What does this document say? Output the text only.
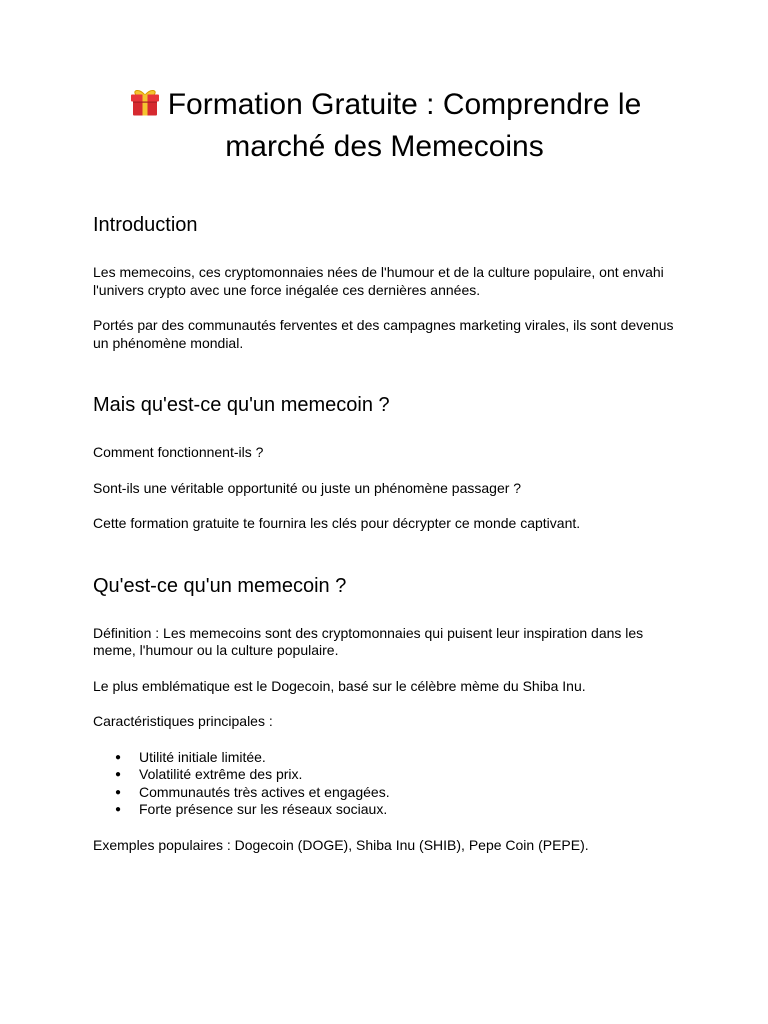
Formation Gratuite : Comprendre le
marché des Memecoins
Introduction

Les memecoins, ces cryptomonnaies nées de l'humour et de la culture populaire, ont envahi l'univers crypto avec une force inégalée ces dernières années.

Portés par des communautés ferventes et des campagnes marketing virales, ils sont devenus un phénomène mondial.

Mais qu'est-ce qu'un memecoin ?

Comment fonctionnent-ils ?

Sont-ils une véritable opportunité ou juste un phénomène passager ?

Cette formation gratuite te fournira les clés pour décrypter ce monde captivant.

Qu'est-ce qu'un memecoin ?

Définition : Les memecoins sont des cryptomonnaies qui puisent leur inspiration dans les meme, l'humour ou la culture populaire.

Le plus emblématique est le Dogecoin, basé sur le célèbre mème du Shiba Inu.

Caractéristiques principales :

● Utilité initiale limitée.
● Volatilité extrême des prix.
● Communautés très actives et engagées.
● Forte présence sur les réseaux sociaux.

Exemples populaires : Dogecoin (DOGE), Shiba Inu (SHIB), Pepe Coin (PEPE).
